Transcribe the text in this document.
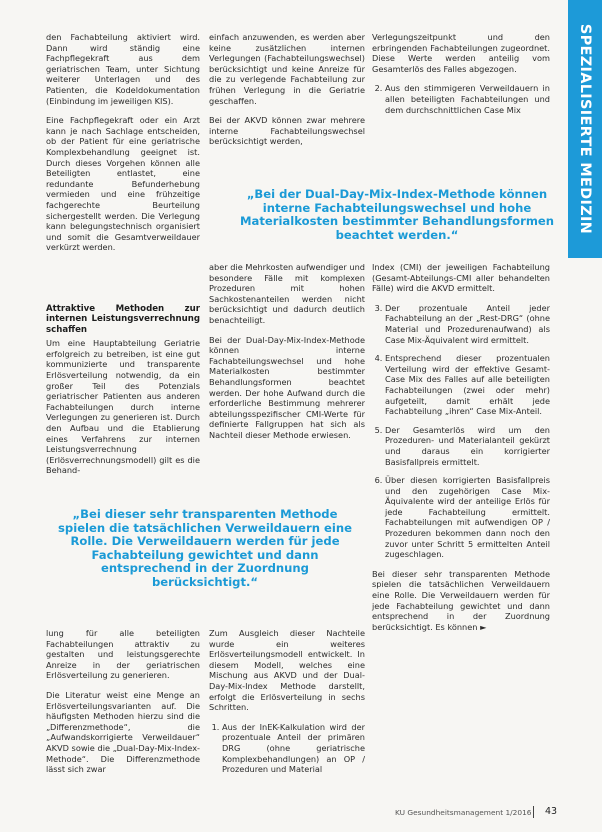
SPEZIALISIERTE MEDIZIN

den Fachabteilung aktiviert wird. Dann wird ständig eine Fachpflegekraft aus dem geriatrischen Team, unter Sichtung weiterer Unterlagen und des Patienten, die Kodeldokumentation (Einbindung im jeweiligen KIS).

Eine Fachpflegekraft oder ein Arzt kann je nach Sachlage entscheiden, ob der Patient für eine geriatrische Komplexbehandlung geeignet ist. Durch dieses Vorgehen können alle Beteiligten entlastet, eine redundante Befunderhebung vermieden und eine frühzeitige fachgerechte Beurteilung sichergestellt werden. Die Verlegung kann belegungstechnisch organisiert und somit die Gesamtverweildauer verkürzt werden.

einfach anzuwenden, es werden aber keine zusätzlichen internen Verlegungen (Fachabteilungswechsel) berücksichtigt und keine Anreize für die zu verlegende Fachabteilung zur frühen Verlegung in die Geriatrie geschaffen.

Bei der AKVD können zwar mehrere interne Fachabteilungswechsel berücksichtigt werden,

Verlegungszeitpunkt und den erbringenden Fachabteilungen zugeordnet. Diese Werte werden anteilig vom Gesamterlös des Falles abgezogen.

2. Aus den stimmigeren Verweildauern in allen beteiligten Fachabteilungen und dem durchschnittlichen Case Mix
„Bei der Dual-Day-Mix-Index-Methode können interne Fachabteilungswechsel und hohe Materialkosten bestimmter Behandlungsformen beachtet werden.“
Attraktive Methoden zur internen Leistungsverrechnung schaffen

Um eine Hauptabteilung Geriatrie erfolgreich zu betreiben, ist eine gut kommunizierte und transparente Erlösverteilung notwendig, da ein großer Teil des Potenzials geriatrischer Patienten aus anderen Fachabteilungen durch interne Verlegungen zu generieren ist. Durch den Aufbau und die Etablierung eines Verfahrens zur internen Leistungsverrechnung (Erlösverrechnungsmodell) gilt es die Behand-

aber die Mehrkosten aufwendiger und besondere Fälle mit komplexen Prozeduren mit hohen Sachkostenanteilen werden nicht berücksichtigt und dadurch deutlich benachteiligt.

Bei der Dual-Day-Mix-Index-Methode können interne Fachabteilungswechsel und hohe Materialkosten bestimmter Behandlungsformen beachtet werden. Der hohe Aufwand durch die erforderliche Bestimmung mehrerer abteilungsspezifischer CMI-Werte für definierte Fallgruppen hat sich als Nachteil dieser Methode erwiesen.

Index (CMI) der jeweiligen Fachabteilung (Gesamt-Abteilungs-CMI aller behandelten Fälle) wird die AKVD ermittelt.

3. Der prozentuale Anteil jeder Fachabteilung an der „Rest-DRG“ (ohne Material und Prozedurenaufwand) als Case Mix-Äquivalent wird ermittelt.
4. Entsprechend dieser prozentualen Verteilung wird der effektive Gesamt-Case Mix des Falles auf alle beteiligten Fachabteilungen (zwei oder mehr) aufgeteilt, damit erhält jede Fachabteilung „ihren“ Case Mix-Anteil.
5. Der Gesamterlös wird um den Prozeduren- und Materialanteil gekürzt und daraus ein korrigierter Basisfallpreis ermittelt.
6. Über diesen korrigierten Basisfallpreis und den zugehörigen Case Mix-Äquivalente wird der anteilige Erlös für jede Fachabteilung ermittelt. Fachabteilungen mit aufwendigen OP / Prozeduren bekommen dann noch den zuvor unter Schritt 5 ermittelten Anteil zugeschlagen.

Bei dieser sehr transparenten Methode spielen die tatsächlichen Verweildauern eine Rolle. Die Verweildauern werden für jede Fachabteilung gewichtet und dann entsprechend in der Zuordnung berücksichtigt. Es können ►

„Bei dieser sehr transparenten Methode spielen die tatsächlichen Verweildauern eine Rolle. Die Verweildauern werden für jede Fachabteilung gewichtet und dann entsprechend in der Zuordnung berücksichtigt.“

lung für alle beteiligten Fachabteilungen attraktiv zu gestalten und leistungsgerechte Anreize in der geriatrischen Erlösverteilung zu generieren.

Die Literatur weist eine Menge an Erlösverteilungsvarianten auf. Die häufigsten Methoden hierzu sind die „Differenzmethode“, die „Aufwandskorrigierte Verweildauer“ AKVD sowie die „Dual-Day-Mix-Index-Methode“. Die Differenzmethode lässt sich zwar

Zum Ausgleich dieser Nachteile wurde ein weiteres Erlösverteilungsmodell entwickelt. In diesem Modell, welches eine Mischung aus AKVD und der Dual-Day-Mix-Index Methode darstellt, erfolgt die Erlösverteilung in sechs Schritten.

1. Aus der InEK-Kalkulation wird der prozentuale Anteil der primären DRG (ohne geriatrische Komplexbehandlungen) an OP / Prozeduren und Material
KU Gesundheitsmanagement 1/2016 43
